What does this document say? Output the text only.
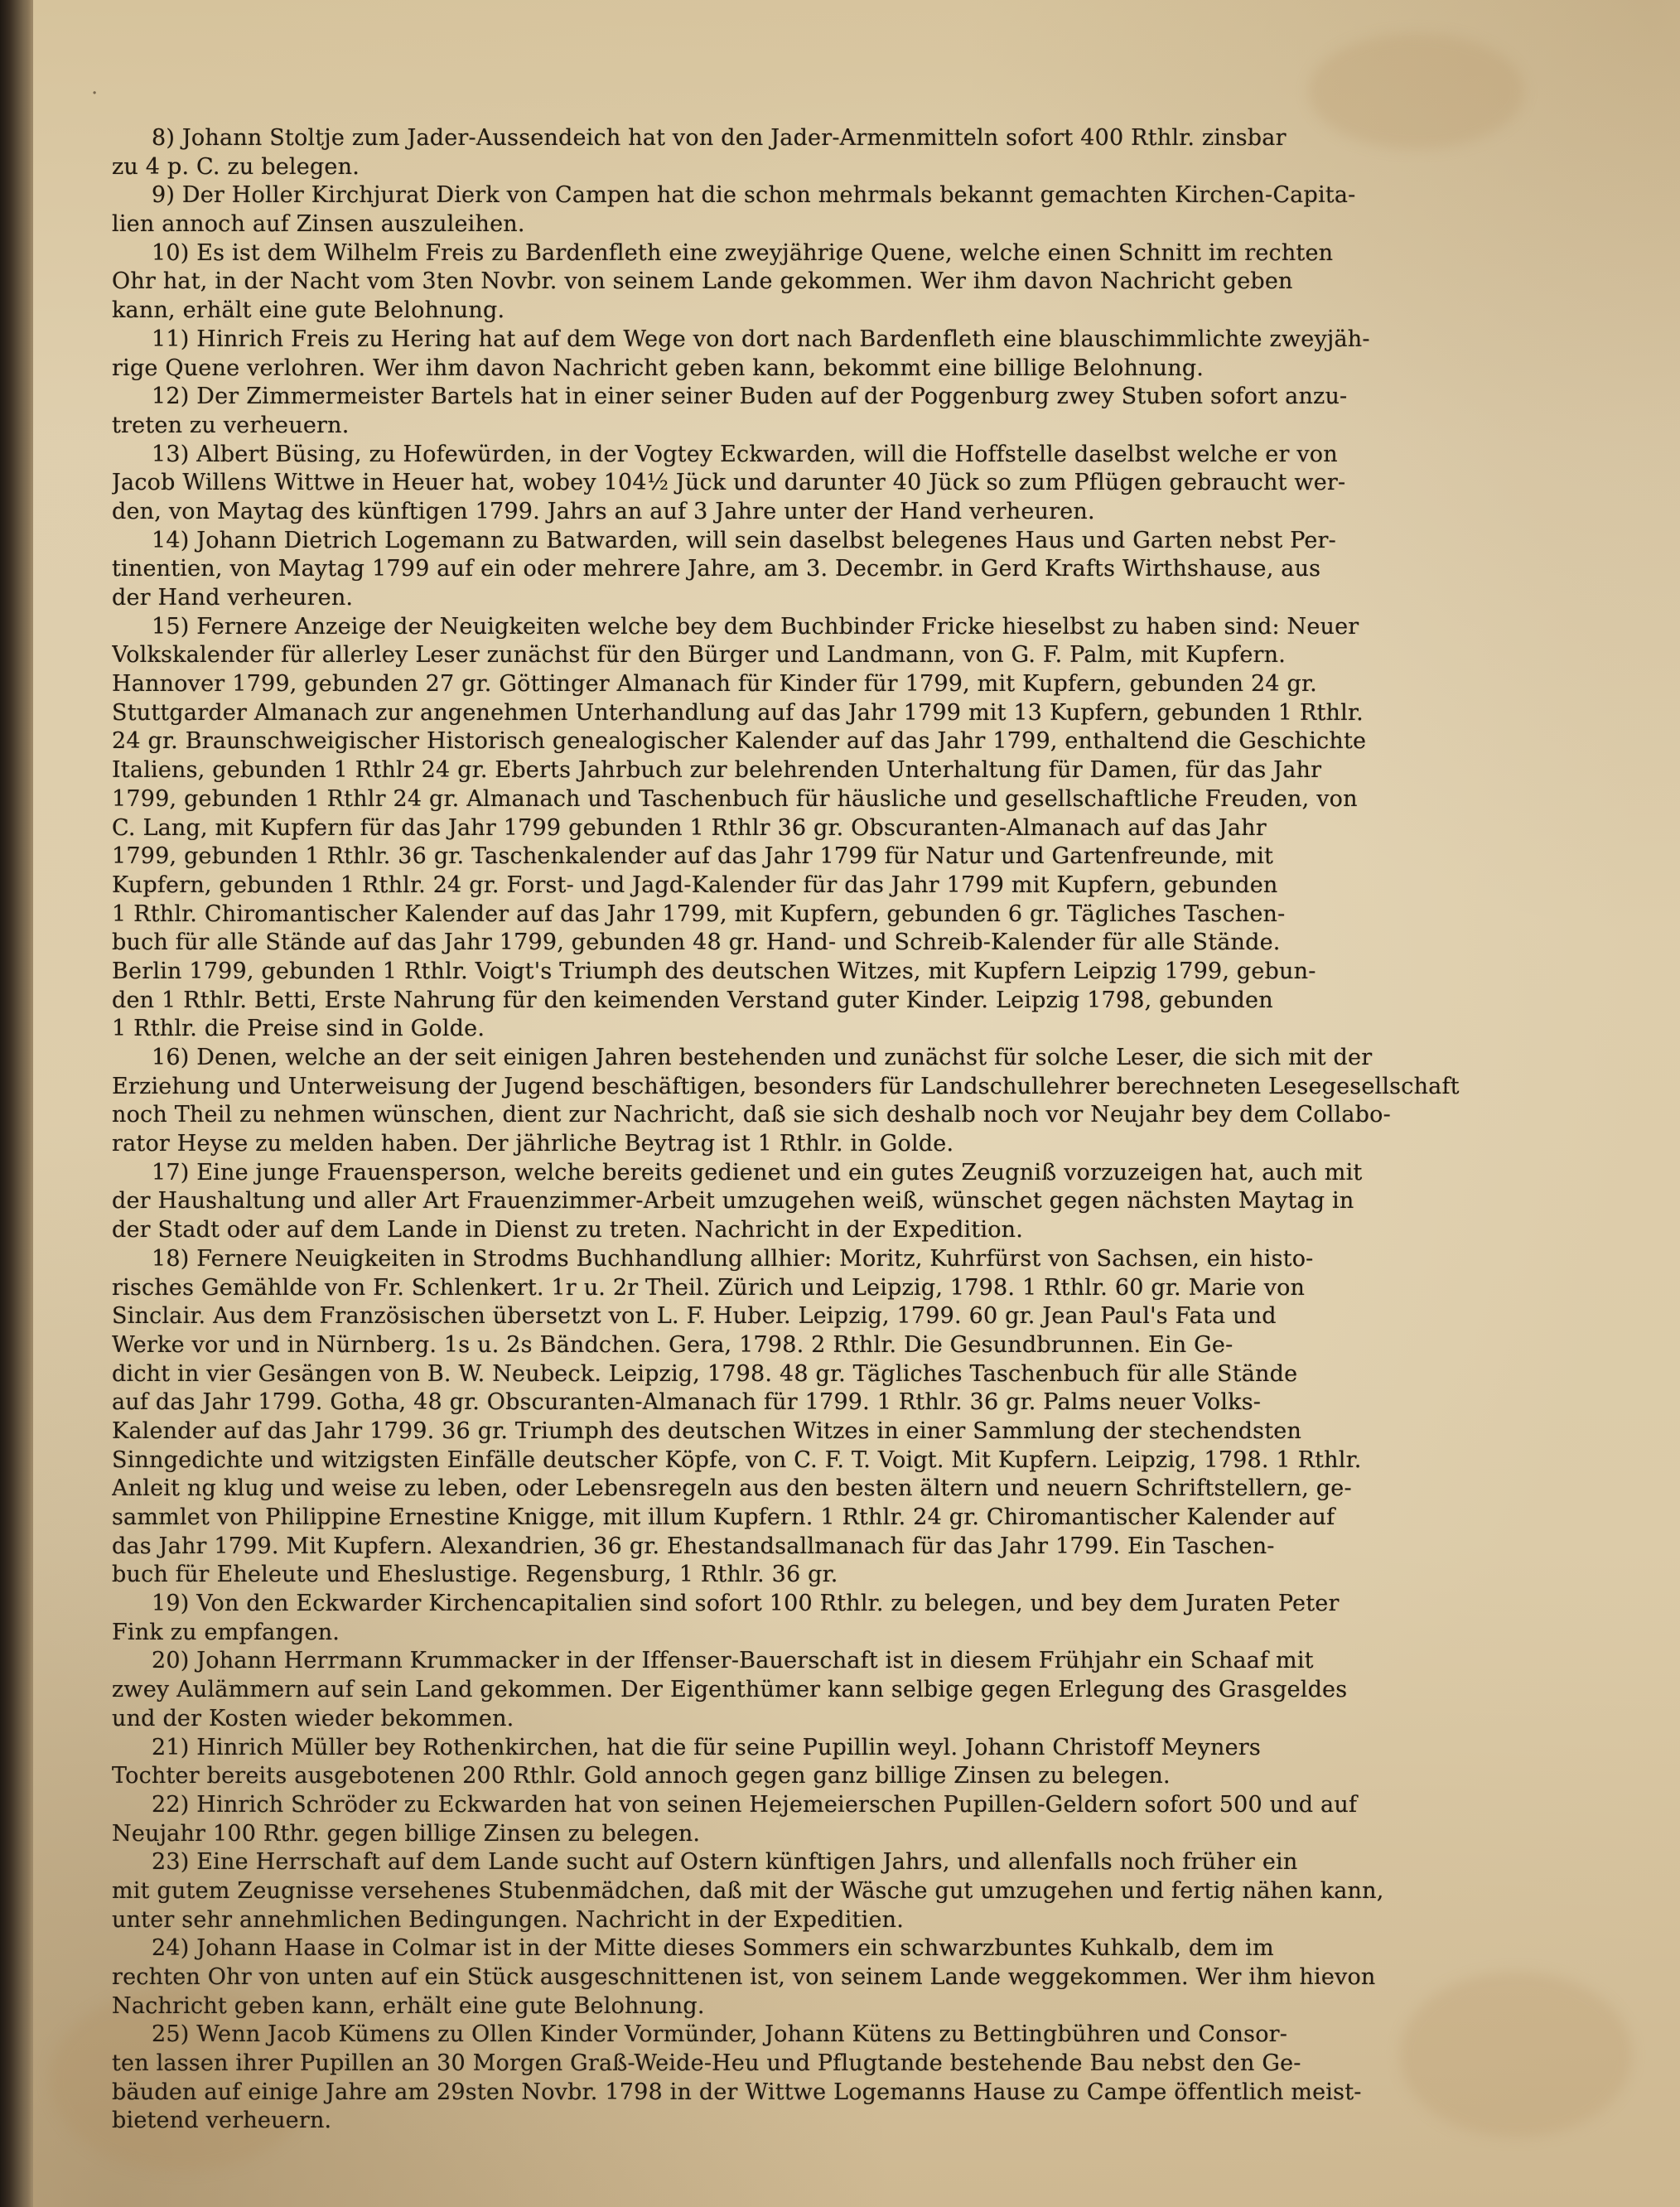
·
8) Johann Stoltje zum Jader-Aussendeich hat von den Jader-Armenmitteln sofort 400 Rthlr. zinsbar
zu 4 p. C. zu belegen.
9) Der Holler Kirchjurat Dierk von Campen hat die schon mehrmals bekannt gemachten Kirchen-Capita-
lien annoch auf Zinsen auszuleihen.
10) Es ist dem Wilhelm Freis zu Bardenfleth eine zweyjährige Quene, welche einen Schnitt im rechten
Ohr hat, in der Nacht vom 3ten Novbr. von seinem Lande gekommen. Wer ihm davon Nachricht geben
kann, erhält eine gute Belohnung.
11) Hinrich Freis zu Hering hat auf dem Wege von dort nach Bardenfleth eine blauschimmlichte zweyjäh-
rige Quene verlohren. Wer ihm davon Nachricht geben kann, bekommt eine billige Belohnung.
12) Der Zimmermeister Bartels hat in einer seiner Buden auf der Poggenburg zwey Stuben sofort anzu-
treten zu verheuern.
13) Albert Büsing, zu Hofewürden, in der Vogtey Eckwarden, will die Hoffstelle daselbst welche er von
Jacob Willens Wittwe in Heuer hat, wobey 104½ Jück und darunter 40 Jück so zum Pflügen gebraucht wer-
den, von Maytag des künftigen 1799. Jahrs an auf 3 Jahre unter der Hand verheuren.
14) Johann Dietrich Logemann zu Batwarden, will sein daselbst belegenes Haus und Garten nebst Per-
tinentien, von Maytag 1799 auf ein oder mehrere Jahre, am 3. Decembr. in Gerd Krafts Wirthshause, aus
der Hand verheuren.
15) Fernere Anzeige der Neuigkeiten welche bey dem Buchbinder Fricke hieselbst zu haben sind: Neuer
Volkskalender für allerley Leser zunächst für den Bürger und Landmann, von G. F. Palm, mit Kupfern.
Hannover 1799, gebunden 27 gr. Göttinger Almanach für Kinder für 1799, mit Kupfern, gebunden 24 gr.
Stuttgarder Almanach zur angenehmen Unterhandlung auf das Jahr 1799 mit 13 Kupfern, gebunden 1 Rthlr.
24 gr. Braunschweigischer Historisch genealogischer Kalender auf das Jahr 1799, enthaltend die Geschichte
Italiens, gebunden 1 Rthlr 24 gr. Eberts Jahrbuch zur belehrenden Unterhaltung für Damen, für das Jahr
1799, gebunden 1 Rthlr 24 gr. Almanach und Taschenbuch für häusliche und gesellschaftliche Freuden, von
C. Lang, mit Kupfern für das Jahr 1799 gebunden 1 Rthlr 36 gr. Obscuranten-Almanach auf das Jahr
1799, gebunden 1 Rthlr. 36 gr. Taschenkalender auf das Jahr 1799 für Natur und Gartenfreunde, mit
Kupfern, gebunden 1 Rthlr. 24 gr. Forst- und Jagd-Kalender für das Jahr 1799 mit Kupfern, gebunden
1 Rthlr. Chiromantischer Kalender auf das Jahr 1799, mit Kupfern, gebunden 6 gr. Tägliches Taschen-
buch für alle Stände auf das Jahr 1799, gebunden 48 gr. Hand- und Schreib-Kalender für alle Stände.
Berlin 1799, gebunden 1 Rthlr. Voigt's Triumph des deutschen Witzes, mit Kupfern Leipzig 1799, gebun-
den 1 Rthlr. Betti, Erste Nahrung für den keimenden Verstand guter Kinder. Leipzig 1798, gebunden
1 Rthlr. die Preise sind in Golde.
16) Denen, welche an der seit einigen Jahren bestehenden und zunächst für solche Leser, die sich mit der
Erziehung und Unterweisung der Jugend beschäftigen, besonders für Landschullehrer berechneten Lesegesellschaft
noch Theil zu nehmen wünschen, dient zur Nachricht, daß sie sich deshalb noch vor Neujahr bey dem Collabo-
rator Heyse zu melden haben. Der jährliche Beytrag ist 1 Rthlr. in Golde.
17) Eine junge Frauensperson, welche bereits gedienet und ein gutes Zeugniß vorzuzeigen hat, auch mit
der Haushaltung und aller Art Frauenzimmer-Arbeit umzugehen weiß, wünschet gegen nächsten Maytag in
der Stadt oder auf dem Lande in Dienst zu treten. Nachricht in der Expedition.
18) Fernere Neuigkeiten in Strodms Buchhandlung allhier: Moritz, Kuhrfürst von Sachsen, ein histo-
risches Gemählde von Fr. Schlenkert. 1r u. 2r Theil. Zürich und Leipzig, 1798. 1 Rthlr. 60 gr. Marie von
Sinclair. Aus dem Französischen übersetzt von L. F. Huber. Leipzig, 1799. 60 gr. Jean Paul's Fata und
Werke vor und in Nürnberg. 1s u. 2s Bändchen. Gera, 1798. 2 Rthlr. Die Gesundbrunnen. Ein Ge-
dicht in vier Gesängen von B. W. Neubeck. Leipzig, 1798. 48 gr. Tägliches Taschenbuch für alle Stände
auf das Jahr 1799. Gotha, 48 gr. Obscuranten-Almanach für 1799. 1 Rthlr. 36 gr. Palms neuer Volks-
Kalender auf das Jahr 1799. 36 gr. Triumph des deutschen Witzes in einer Sammlung der stechendsten
Sinngedichte und witzigsten Einfälle deutscher Köpfe, von C. F. T. Voigt. Mit Kupfern. Leipzig, 1798. 1 Rthlr.
Anleit ng klug und weise zu leben, oder Lebensregeln aus den besten ältern und neuern Schriftstellern, ge-
sammlet von Philippine Ernestine Knigge, mit illum Kupfern. 1 Rthlr. 24 gr. Chiromantischer Kalender auf
das Jahr 1799. Mit Kupfern. Alexandrien, 36 gr. Ehestandsallmanach für das Jahr 1799. Ein Taschen-
buch für Eheleute und Eheslustige. Regensburg, 1 Rthlr. 36 gr.
19) Von den Eckwarder Kirchencapitalien sind sofort 100 Rthlr. zu belegen, und bey dem Juraten Peter
Fink zu empfangen.
20) Johann Herrmann Krummacker in der Iffenser-Bauerschaft ist in diesem Frühjahr ein Schaaf mit
zwey Aulämmern auf sein Land gekommen. Der Eigenthümer kann selbige gegen Erlegung des Grasgeldes
und der Kosten wieder bekommen.
21) Hinrich Müller bey Rothenkirchen, hat die für seine Pupillin weyl. Johann Christoff Meyners
Tochter bereits ausgebotenen 200 Rthlr. Gold annoch gegen ganz billige Zinsen zu belegen.
22) Hinrich Schröder zu Eckwarden hat von seinen Hejemeierschen Pupillen-Geldern sofort 500 und auf
Neujahr 100 Rthr. gegen billige Zinsen zu belegen.
23) Eine Herrschaft auf dem Lande sucht auf Ostern künftigen Jahrs, und allenfalls noch früher ein
mit gutem Zeugnisse versehenes Stubenmädchen, daß mit der Wäsche gut umzugehen und fertig nähen kann,
unter sehr annehmlichen Bedingungen. Nachricht in der Expeditien.
24) Johann Haase in Colmar ist in der Mitte dieses Sommers ein schwarzbuntes Kuhkalb, dem im
rechten Ohr von unten auf ein Stück ausgeschnittenen ist, von seinem Lande weggekommen. Wer ihm hievon
Nachricht geben kann, erhält eine gute Belohnung.
25) Wenn Jacob Kümens zu Ollen Kinder Vormünder, Johann Kütens zu Bettingbühren und Consor-
ten lassen ihrer Pupillen an 30 Morgen Graß-Weide-Heu und Pflugtande bestehende Bau nebst den Ge-
bäuden auf einige Jahre am 29sten Novbr. 1798 in der Wittwe Logemanns Hause zu Campe öffentlich meist-
bietend verheuern.
